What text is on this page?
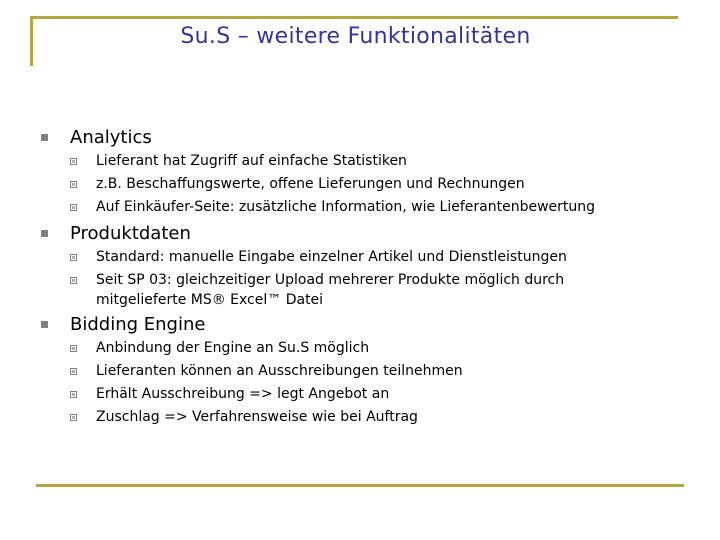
Su.S – weitere Funktionalitäten
Analytics
Lieferant hat Zugriff auf einfache Statistiken
z.B. Beschaffungswerte, offene Lieferungen und Rechnungen
Auf Einkäufer-Seite: zusätzliche Information, wie Lieferantenbewertung
Produktdaten
Standard: manuelle Eingabe einzelner Artikel und Dienstleistungen
Seit SP 03: gleichzeitiger Upload mehrerer Produkte möglich durch mitgelieferte MS® Excel™ Datei
Bidding Engine
Anbindung der Engine an Su.S möglich
Lieferanten können an Ausschreibungen teilnehmen
Erhält Ausschreibung => legt Angebot an
Zuschlag => Verfahrensweise wie bei Auftrag
